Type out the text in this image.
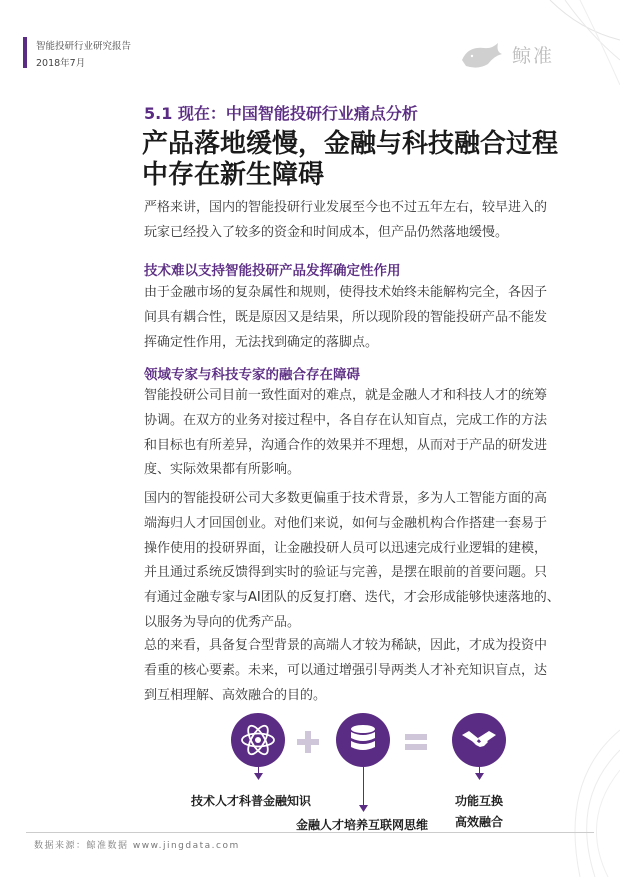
智能投研行业研究报告
2018年7月	鲸准
5.1 现在：中国智能投研行业痛点分析
产品落地缓慢，金融与科技融合过程
中存在新生障碍

严格来讲，国内的智能投研行业发展至今也不过五年左右，较早进入的
玩家已经投入了较多的资金和时间成本，但产品仍然落地缓慢。

技术难以支持智能投研产品发挥确定性作用

由于金融市场的复杂属性和规则，使得技术始终未能解构完全，各因子
间具有耦合性，既是原因又是结果，所以现阶段的智能投研产品不能发
挥确定性作用，无法找到确定的落脚点。

领域专家与科技专家的融合存在障碍

智能投研公司目前一致性面对的难点，就是金融人才和科技人才的统筹
协调。在双方的业务对接过程中，各自存在认知盲点，完成工作的方法
和目标也有所差异，沟通合作的效果并不理想，从而对于产品的研发进
度、实际效果都有所影响。

国内的智能投研公司大多数更偏重于技术背景，多为人工智能方面的高
端海归人才回国创业。对他们来说，如何与金融机构合作搭建一套易于
操作使用的投研界面，让金融投研人员可以迅速完成行业逻辑的建模，
并且通过系统反馈得到实时的验证与完善，是摆在眼前的首要问题。只
有通过金融专家与AI团队的反复打磨、迭代，才会形成能够快速落地的、
以服务为导向的优秀产品。

总的来看，具备复合型背景的高端人才较为稀缺，因此，才成为投资中
看重的核心要素。未来，可以通过增强引导两类人才补充知识盲点，达
到互相理解、高效融合的目的。

技术人才科普金融知识
金融人才培养互联网思维
功能互换
高效融合
数据来源：鲸准数据 www.jingdata.com
